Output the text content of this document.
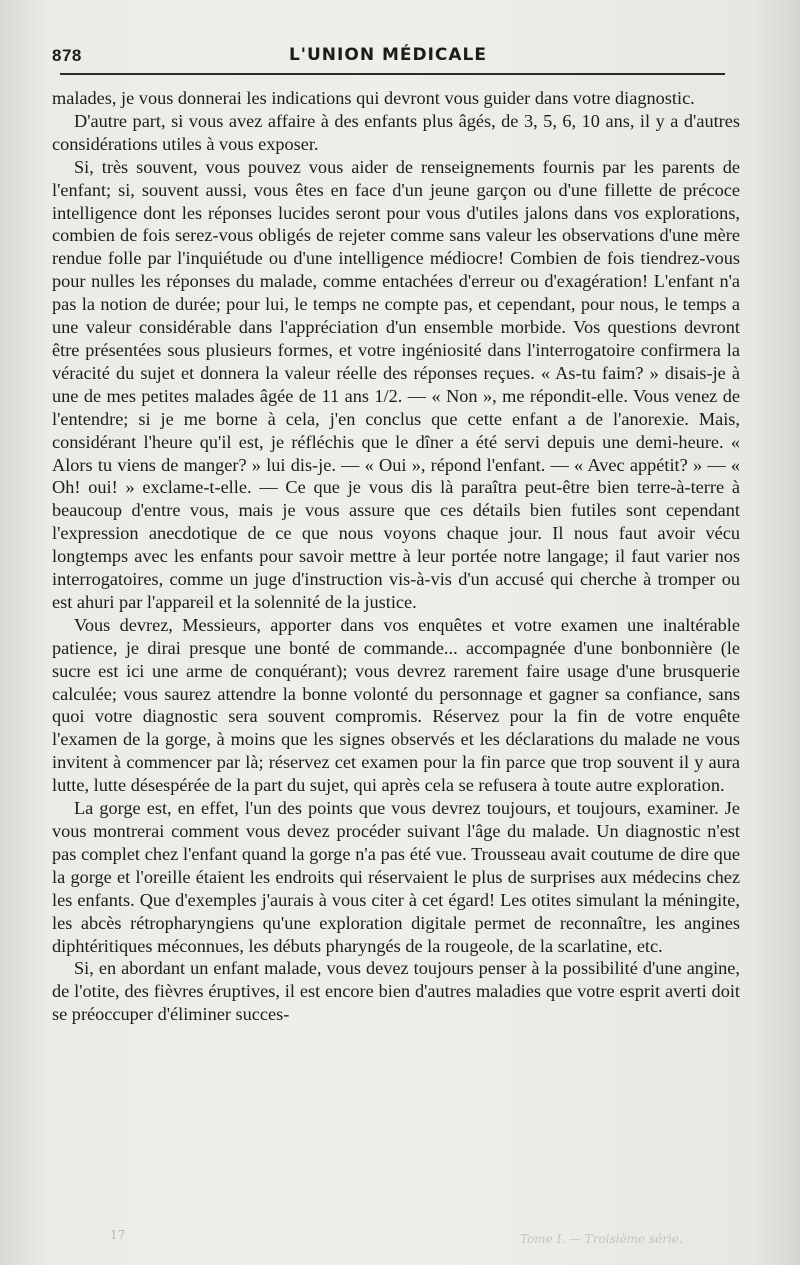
878	L'UNION MÉDICALE

malades, je vous donnerai les indications qui devront vous guider dans votre diagnostic.

D'autre part, si vous avez affaire à des enfants plus âgés, de 3, 5, 6, 10 ans, il y a d'autres considérations utiles à vous exposer.

Si, très souvent, vous pouvez vous aider de renseignements fournis par les parents de l'enfant; si, souvent aussi, vous êtes en face d'un jeune garçon ou d'une fillette de précoce intelligence dont les réponses lucides seront pour vous d'utiles jalons dans vos explorations, combien de fois serez-vous obligés de rejeter comme sans valeur les observations d'une mère rendue folle par l'inquiétude ou d'une intelligence médiocre! Combien de fois tiendrez-vous pour nulles les réponses du malade, comme entachées d'erreur ou d'exagération! L'enfant n'a pas la notion de durée; pour lui, le temps ne compte pas, et cependant, pour nous, le temps a une valeur considérable dans l'appréciation d'un ensemble morbide. Vos questions devront être présentées sous plusieurs formes, et votre ingéniosité dans l'interrogatoire confirmera la véracité du sujet et donnera la valeur réelle des réponses reçues. « As-tu faim? » disais-je à une de mes petites malades âgée de 11 ans 1/2. — « Non », me répondit-elle. Vous venez de l'entendre; si je me borne à cela, j'en conclus que cette enfant a de l'anorexie. Mais, considérant l'heure qu'il est, je réfléchis que le dîner a été servi depuis une demi-heure. « Alors tu viens de manger? » lui dis-je. — « Oui », répond l'enfant. — « Avec appétit? » — « Oh! oui! » exclame-t-elle. — Ce que je vous dis là paraîtra peut-être bien terre-à-terre à beaucoup d'entre vous, mais je vous assure que ces détails bien futiles sont cependant l'expression anecdotique de ce que nous voyons chaque jour. Il nous faut avoir vécu longtemps avec les enfants pour savoir mettre à leur portée notre langage; il faut varier nos interrogatoires, comme un juge d'instruction vis-à-vis d'un accusé qui cherche à tromper ou est ahuri par l'appareil et la solennité de la justice.

Vous devrez, Messieurs, apporter dans vos enquêtes et votre examen une inaltérable patience, je dirai presque une bonté de commande... accompagnée d'une bonbonnière (le sucre est ici une arme de conquérant); vous devrez rarement faire usage d'une brusquerie calculée; vous saurez attendre la bonne volonté du personnage et gagner sa confiance, sans quoi votre diagnostic sera souvent compromis. Réservez pour la fin de votre enquête l'examen de la gorge, à moins que les signes observés et les déclarations du malade ne vous invitent à commencer par là; réservez cet examen pour la fin parce que trop souvent il y aura lutte, lutte désespérée de la part du sujet, qui après cela se refusera à toute autre exploration.

La gorge est, en effet, l'un des points que vous devrez toujours, et toujours, examiner. Je vous montrerai comment vous devez procéder suivant l'âge du malade. Un diagnostic n'est pas complet chez l'enfant quand la gorge n'a pas été vue. Trousseau avait coutume de dire que la gorge et l'oreille étaient les endroits qui réservaient le plus de surprises aux médecins chez les enfants. Que d'exemples j'aurais à vous citer à cet égard! Les otites simulant la méningite, les abcès rétropharyngiens qu'une exploration digitale permet de reconnaître, les angines diphtéritiques méconnues, les débuts pharyngés de la rougeole, de la scarlatine, etc.

Si, en abordant un enfant malade, vous devez toujours penser à la possibilité d'une angine, de l'otite, des fièvres éruptives, il est encore bien d'autres maladies que votre esprit averti doit se préoccuper d'éliminer succes-

17	Tome I. — Troisième série.
